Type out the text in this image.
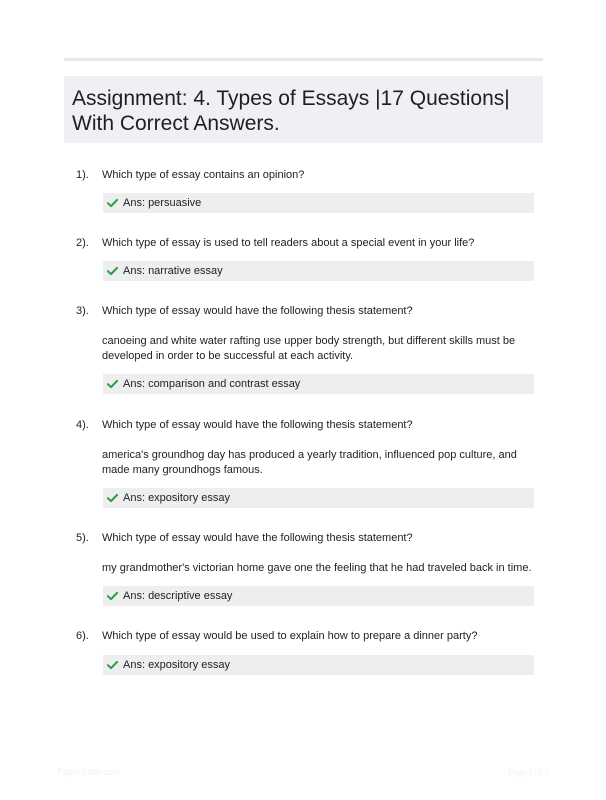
Assignment: 4. Types of Essays |17 Questions| With Correct Answers.
1). Which type of essay contains an opinion?
Ans: persuasive
2). Which type of essay is used to tell readers about a special event in your life?
Ans: narrative essay
3). Which type of essay would have the following thesis statement?
canoeing and white water rafting use upper body strength, but different skills must be developed in order to be successful at each activity.
Ans: comparison and contrast essay
4). Which type of essay would have the following thesis statement?
america's groundhog day has produced a yearly tradition, influenced pop culture, and made many groundhogs famous.
Ans: expository essay
5). Which type of essay would have the following thesis statement?
my grandmother's victorian home gave one the feeling that he had traveled back in time.
Ans: descriptive essay
6). Which type of essay would be used to explain how to prepare a dinner party?
Ans: expository essay
PaperSolic.com	Page 1 of 3
